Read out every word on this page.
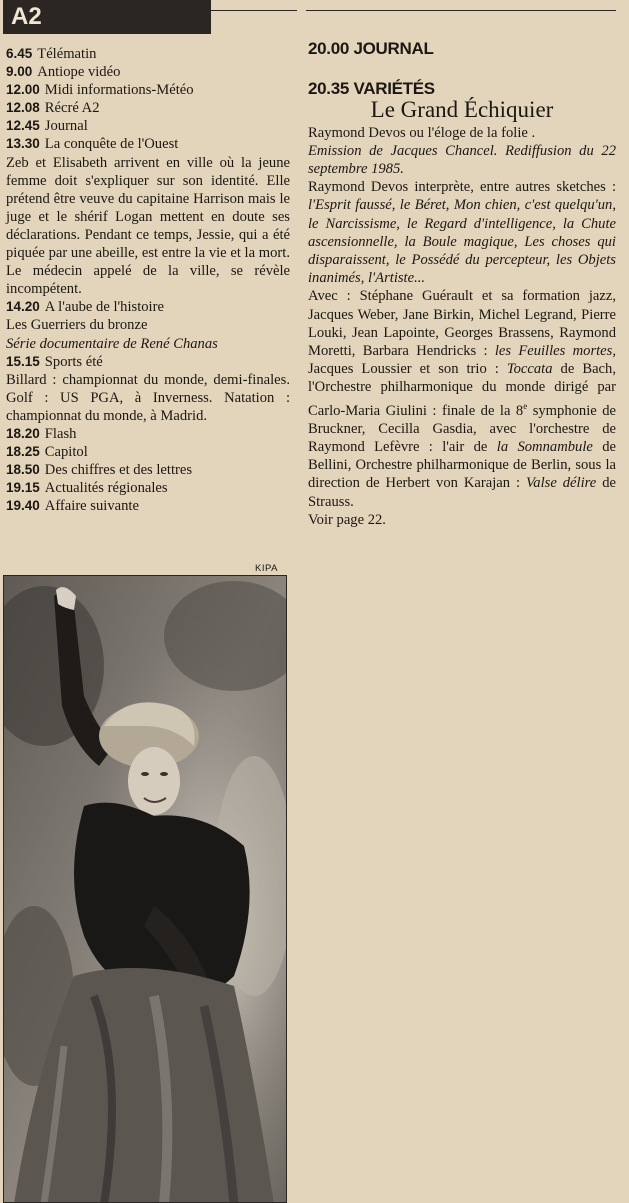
A2

6.45 Télématin

9.00 Antiope vidéo

12.00 Midi informations-Météo

12.08 Récré A2

12.45 Journal

13.30 La conquête de l'Ouest

Zeb et Elisabeth arrivent en ville où la jeune femme doit s'expliquer sur son identité. Elle prétend être veuve du capitaine Harrison mais le juge et le shérif Logan mettent en doute ses déclarations. Pendant ce temps, Jessie, qui a été piquée par une abeille, est entre la vie et la mort. Le médecin appelé de la ville, se révèle incompétent.

14.20 A l'aube de l'histoire

Les Guerriers du bronze

Série documentaire de René Chanas

15.15 Sports été

Billard : championnat du monde, demi-finales. Golf : US PGA, à Inverness. Natation : championnat du monde, à Madrid.

18.20 Flash

18.25 Capitol

18.50 Des chiffres et des lettres

19.15 Actualités régionales

19.40 Affaire suivante

KIPA

20.00 JOURNAL

20.35 VARIÉTÉS

Le Grand Échiquier

Raymond Devos ou l'éloge de la folie .

Emission de Jacques Chancel. Rediffusion du 22 septembre 1985.

Raymond Devos interprète, entre autres sketches : l'Esprit faussé, le Béret, Mon chien, c'est quelqu'un, le Narcissisme, le Regard d'intelligence, la Chute ascensionnelle, la Boule magique, Les choses qui disparaissent, le Possédé du percepteur, les Objets inanimés, l'Artiste...

Avec : Stéphane Guérault et sa formation jazz, Jacques Weber, Jane Birkin, Michel Legrand, Pierre Louki, Jean Lapointe, Georges Brassens, Raymond Moretti, Barbara Hendricks : les Feuilles mortes, Jacques Loussier et son trio : Toccata de Bach, l'Orchestre philharmonique du monde dirigé par Carlo-Maria Giulini : finale de la 8e symphonie de Bruckner, Cecilla Gasdia, avec l'orchestre de Raymond Lefèvre : l'air de la Somnambule de Bellini, Orchestre philharmonique de Berlin, sous la direction de Herbert von Karajan : Valse délire de Strauss.

Voir page 22.
